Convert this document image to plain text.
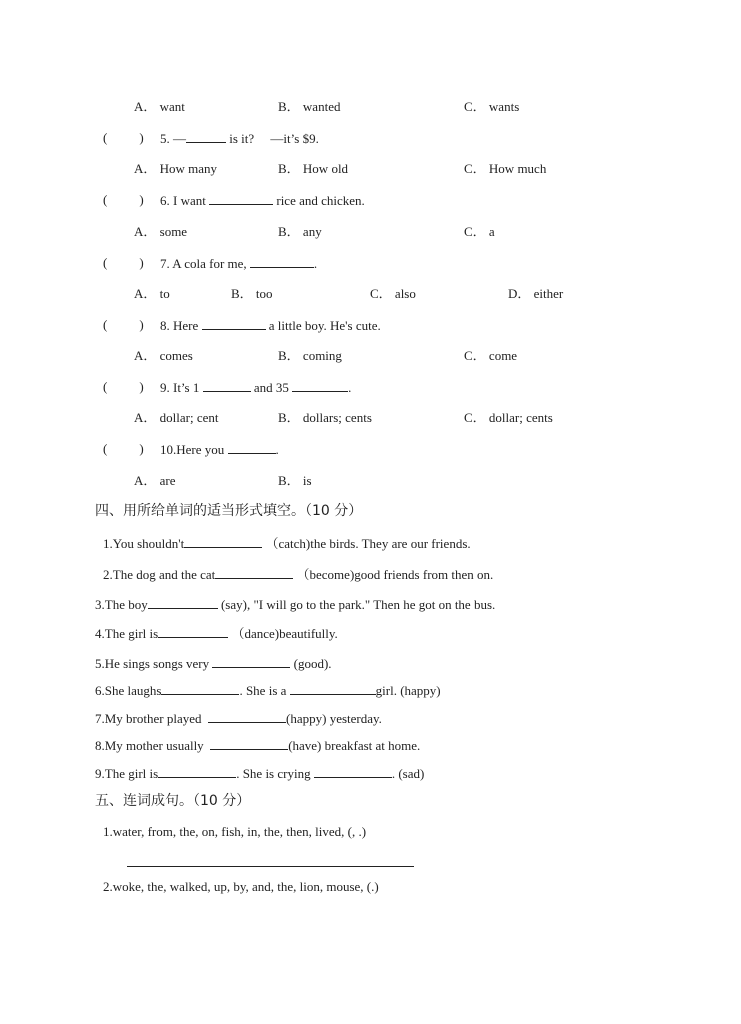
A． want	B． wanted	C． wants
( ) 5. —	is it? —it’s $9.
A． How many	B． How old	C． How much
( ) 6. I want	rice and chicken.
A． some	B． any	C． a
( ) 7. A cola for me,	.
A． to	B． too	C． also	D． either
( ) 8. Here	a little boy. He's cute.
A． comes	B． coming	C． come
( ) 9. It’s 1	and 35	.
A． dollar; cent	B． dollars; cents	C． dollar; cents
( ) 10.Here you	.
A． are	B． is
四、用所给单词的适当形式填空。（10 分）
1.You shouldn't	（catch)the birds. They are our friends.
2.The dog and the cat	（become)good friends from then on.
3.The boy	(say), "I will go to the park." Then he got on the bus.
4.The girl is	（dance)beautifully.
5.He sings songs very	(good).
6.She laughs	. She is a	girl. (happy)
7.My brother played	(happy) yesterday.
8.My mother usually	(have) breakfast at home.
9.The girl is	. She is crying	. (sad)
五、连词成句。（10 分）
1.water, from, the, on, fish, in, the, then, lived, (, .)
2.woke, the, walked, up, by, and, the, lion, mouse, (.)
